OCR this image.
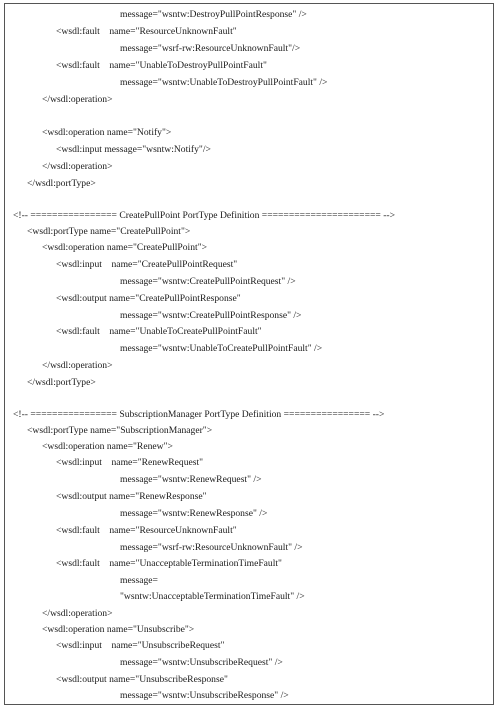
message="wsntw:DestroyPullPointResponse" />
<wsdl:fault    name="ResourceUnknownFault"
message="wsrf-rw:ResourceUnknownFault"/>
<wsdl:fault    name="UnableToDestroyPullPointFault"
message="wsntw:UnableToDestroyPullPointFault" />
</wsdl:operation>
<wsdl:operation name="Notify">
<wsdl:input message="wsntw:Notify"/>
</wsdl:operation>
</wsdl:portType>
<!-- ================ CreatePullPoint PortType Definition ====================== -->
<wsdl:portType name="CreatePullPoint">
<wsdl:operation name="CreatePullPoint">
<wsdl:input    name="CreatePullPointRequest"
message="wsntw:CreatePullPointRequest" />
<wsdl:output name="CreatePullPointResponse"
message="wsntw:CreatePullPointResponse" />
<wsdl:fault    name="UnableToCreatePullPointFault"
message="wsntw:UnableToCreatePullPointFault" />
</wsdl:operation>
</wsdl:portType>
<!-- ================ SubscriptionManager PortType Definition ================ -->
<wsdl:portType name="SubscriptionManager">
<wsdl:operation name="Renew">
<wsdl:input    name="RenewRequest"
message="wsntw:RenewRequest" />
<wsdl:output name="RenewResponse"
message="wsntw:RenewResponse" />
<wsdl:fault    name="ResourceUnknownFault"
message="wsrf-rw:ResourceUnknownFault" />
<wsdl:fault    name="UnacceptableTerminationTimeFault"
message=
"wsntw:UnacceptableTerminationTimeFault" />
</wsdl:operation>
<wsdl:operation name="Unsubscribe">
<wsdl:input    name="UnsubscribeRequest"
message="wsntw:UnsubscribeRequest" />
<wsdl:output name="UnsubscribeResponse"
message="wsntw:UnsubscribeResponse" />
